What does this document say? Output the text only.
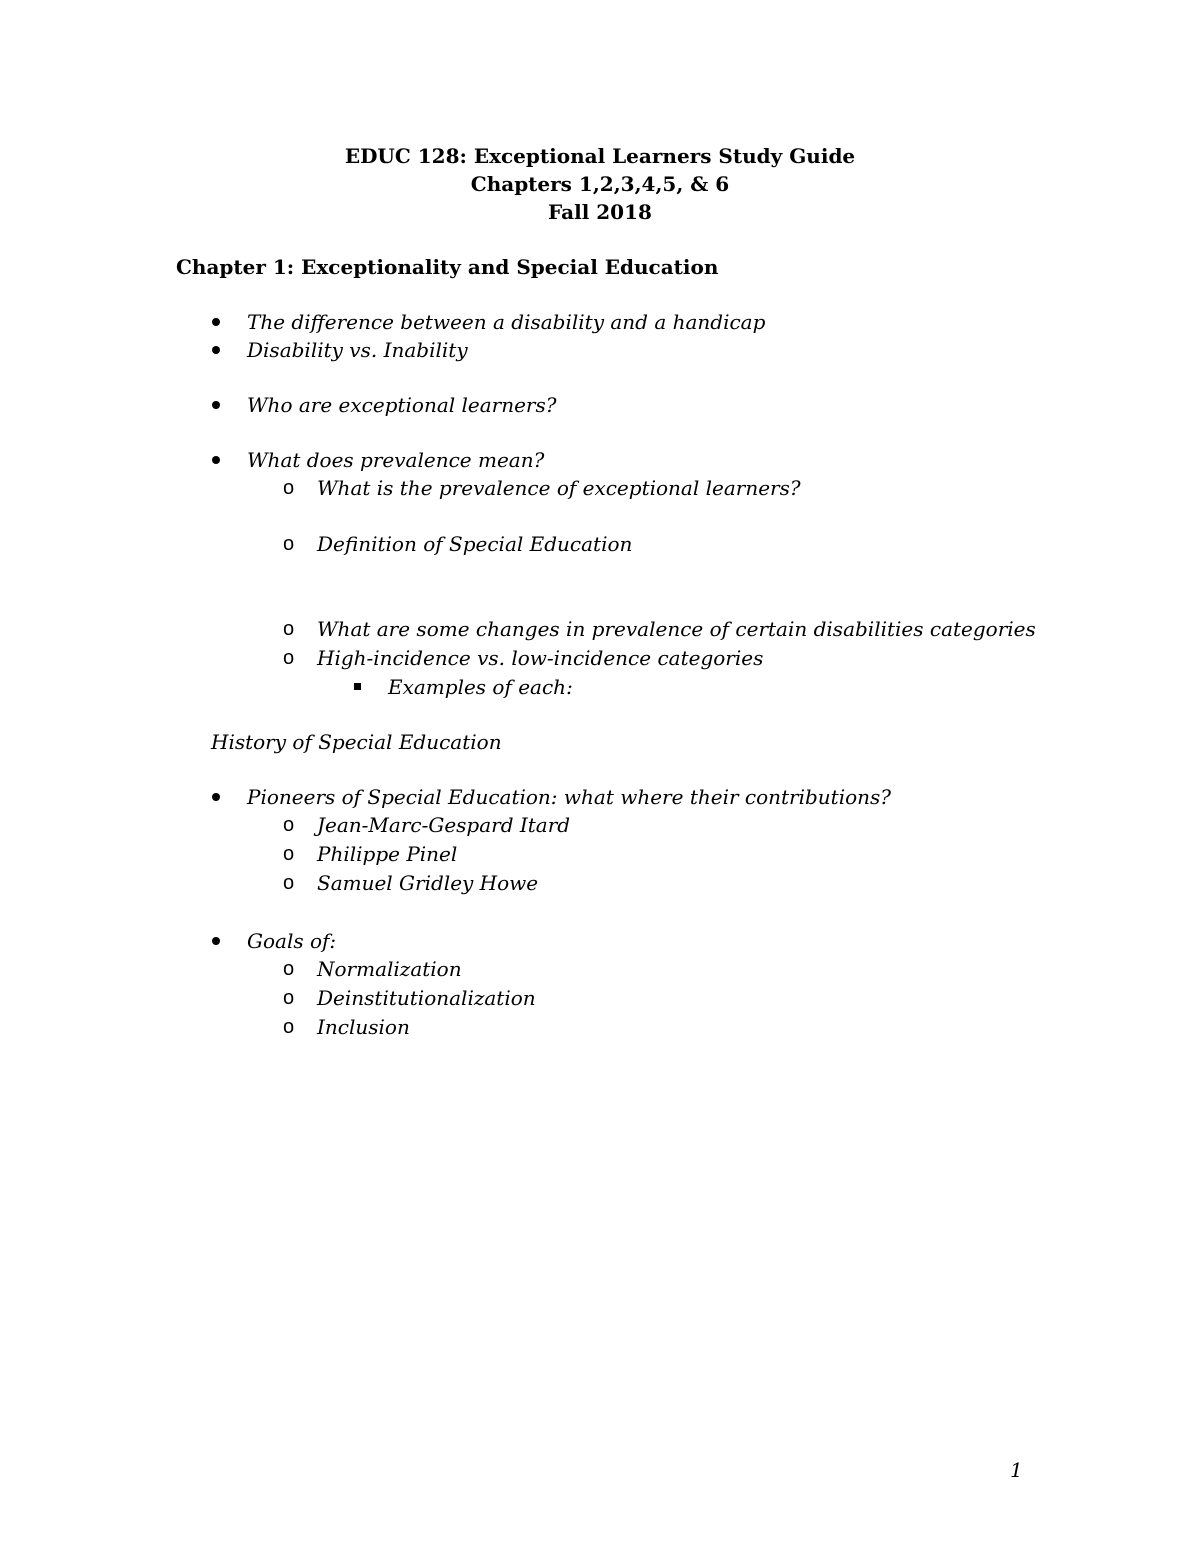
EDUC 128: Exceptional Learners Study Guide
Chapters 1,2,3,4,5, & 6
Fall 2018
Chapter 1: Exceptionality and Special Education
The difference between a disability and a handicap
Disability vs. Inability
Who are exceptional learners?
What does prevalence mean?
o What is the prevalence of exceptional learners?
o Definition of Special Education
o What are some changes in prevalence of certain disabilities categories
o High-incidence vs. low-incidence categories
Examples of each:
History of Special Education
Pioneers of Special Education: what where their contributions?
o Jean-Marc-Gespard Itard
o Philippe Pinel
o Samuel Gridley Howe
Goals of:
o Normalization
o Deinstitutionalization
o Inclusion
1
